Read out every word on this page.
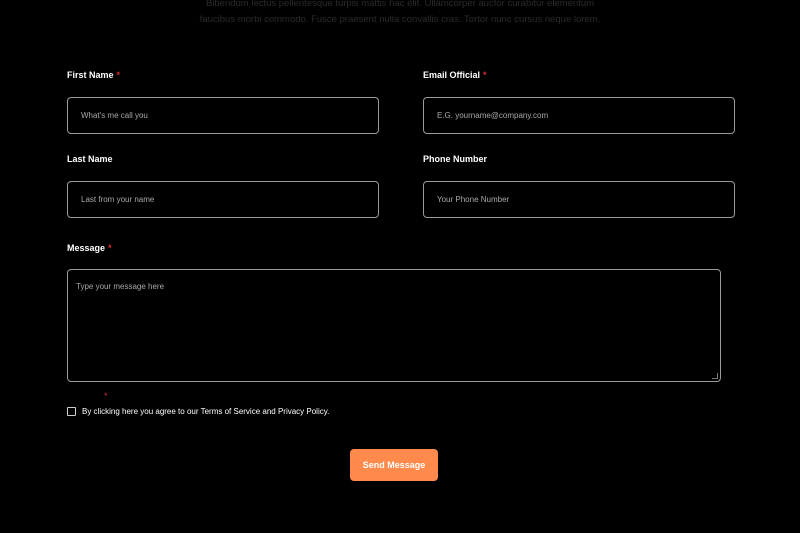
Bibendum lectus pellentesque turpis mattis hac elit. Ullamcorper auctor curabitur elementum
faucibus morbi commodo. Fusce praesent nulla convallis cras. Tortor nunc cursus neque lorem.
First Name *
What's me call you	Email Official *
E.G. yourname@company.com
Last Name
Last from your name	Phone Number
Your Phone Number
Message *
Type your message here
*
By clicking here you agree to our Terms of Service and Privacy Policy.
Send Message
